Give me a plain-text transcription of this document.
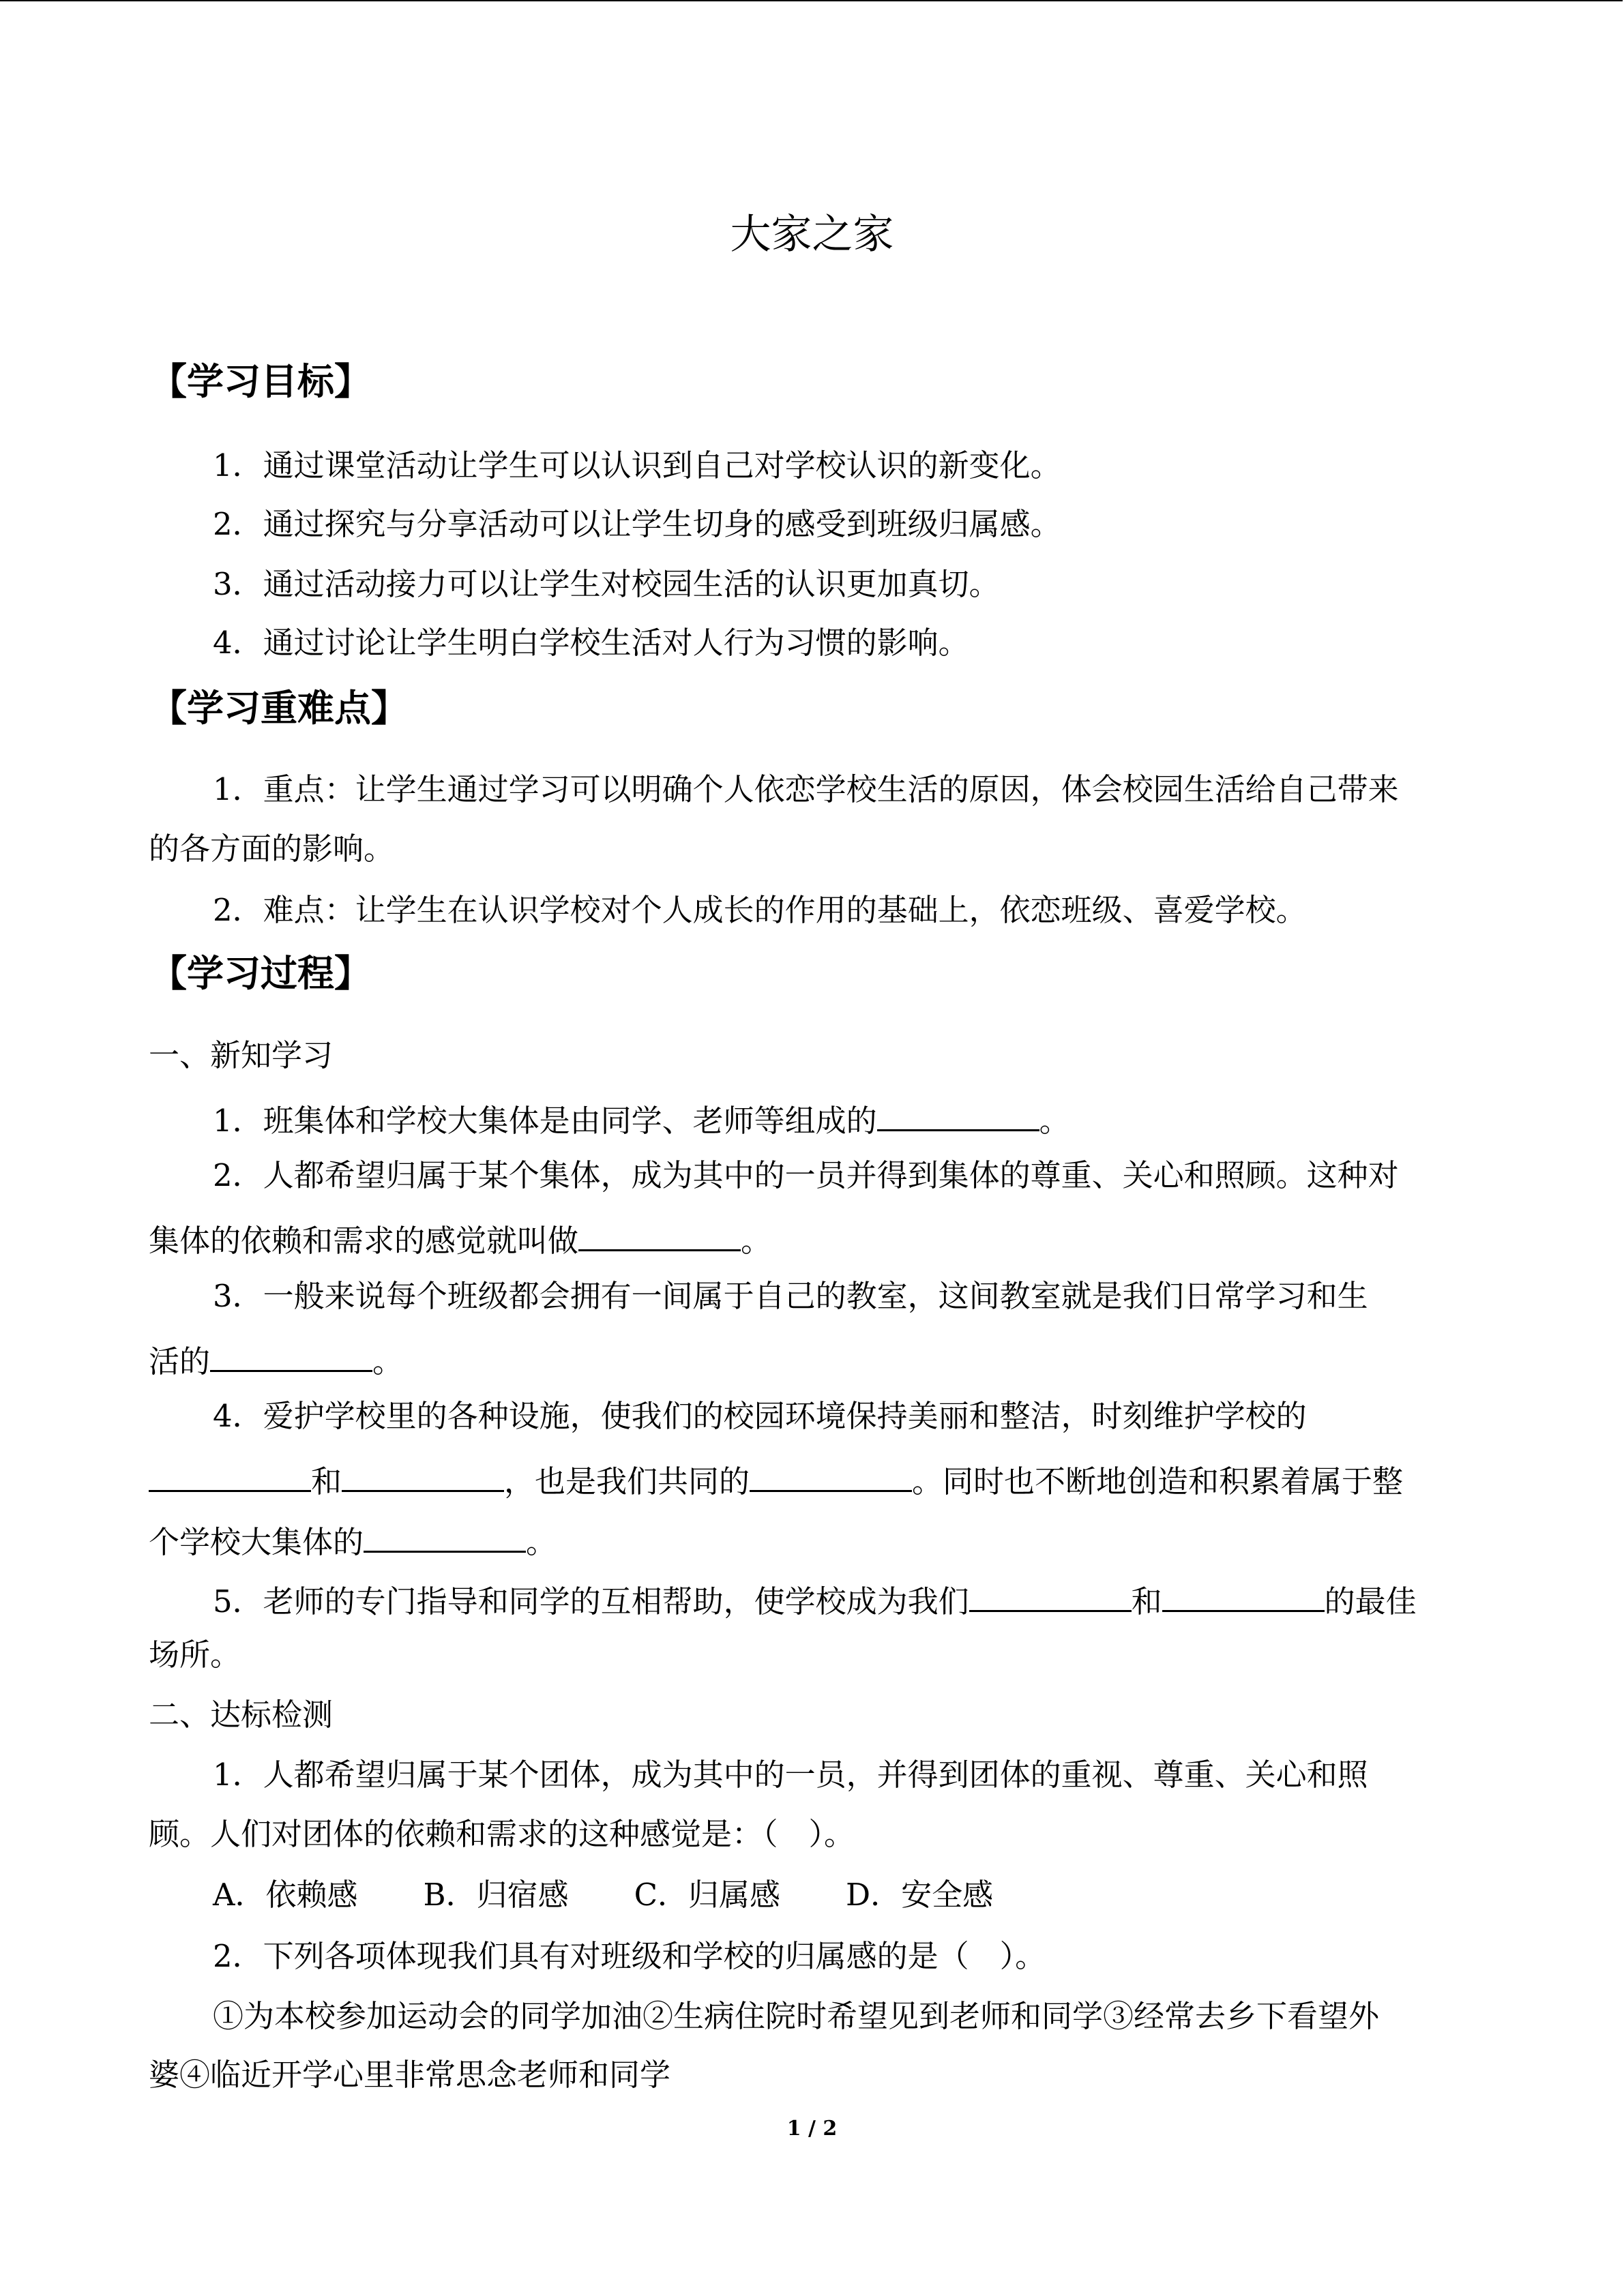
大家之家
【学习目标】

1．通过课堂活动让学生可以认识到自己对学校认识的新变化。

2．通过探究与分享活动可以让学生切身的感受到班级归属感。

3．通过活动接力可以让学生对校园生活的认识更加真切。

4．通过讨论让学生明白学校生活对人行为习惯的影响。

【学习重难点】

1．重点：让学生通过学习可以明确个人依恋学校生活的原因，体会校园生活给自己带来

的各方面的影响。

2．难点：让学生在认识学校对个人成长的作用的基础上，依恋班级、喜爱学校。

【学习过程】

一、新知学习

1．班集体和学校大集体是由同学、老师等组成的	。

2．人都希望归属于某个集体，成为其中的一员并得到集体的尊重、关心和照顾。这种对

集体的依赖和需求的感觉就叫做	。

3．一般来说每个班级都会拥有一间属于自己的教室，这间教室就是我们日常学习和生

活的	。

4．爱护学校里的各种设施，使我们的校园环境保持美丽和整洁，时刻维护学校的

和	，也是我们共同的	。同时也不断地创造和积累着属于整

个学校大集体的	。

5．老师的专门指导和同学的互相帮助，使学校成为我们	和	的最佳

场所。

二、达标检测

1．人都希望归属于某个团体，成为其中的一员，并得到团体的重视、尊重、关心和照

顾。人们对团体的依赖和需求的这种感觉是：（　）。

A．依赖感 B．归宿感 C．归属感 D．安全感

2．下列各项体现我们具有对班级和学校的归属感的是（　）。

①为本校参加运动会的同学加油②生病住院时希望见到老师和同学③经常去乡下看望外

婆④临近开学心里非常思念老师和同学

1 / 2
